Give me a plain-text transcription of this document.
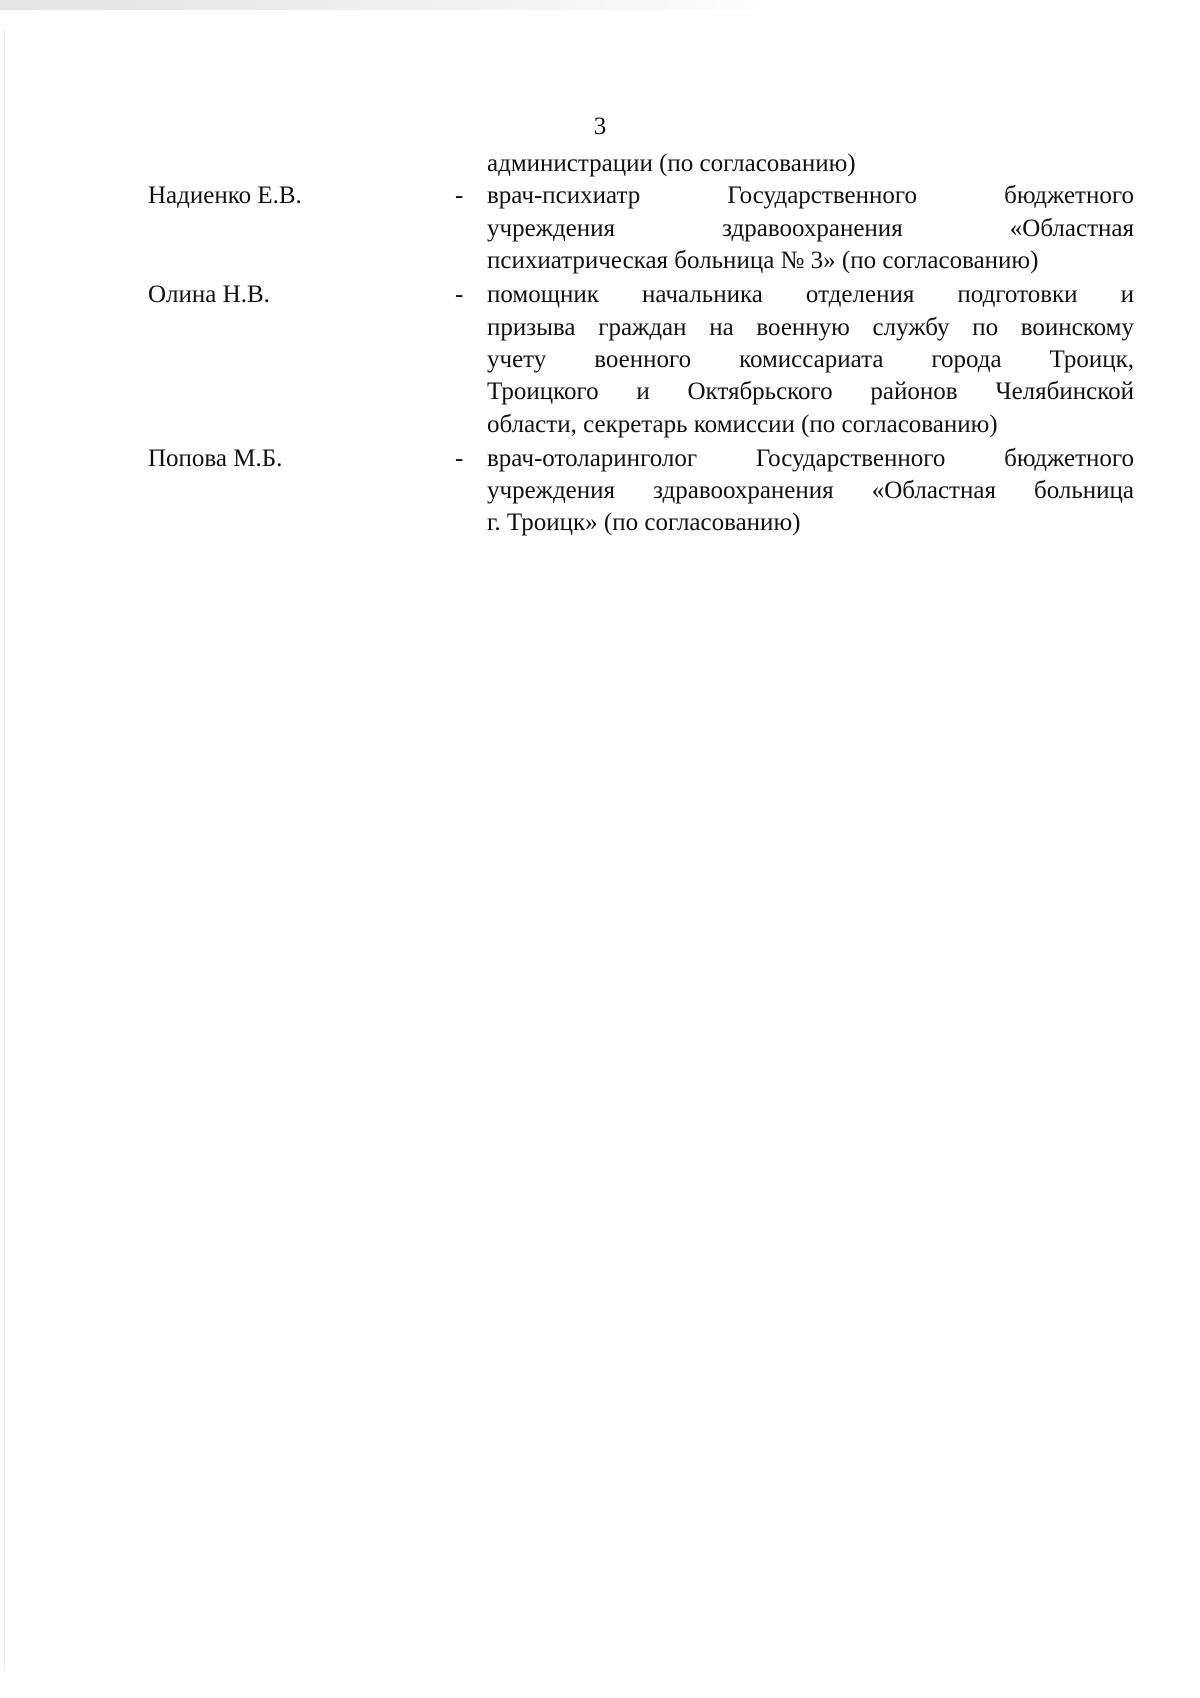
3
администрации (по согласованию)
Надиенко Е.В.	- врач-психиатр Государственного бюджетного
учреждения здравоохранения «Областная
психиатрическая больница № 3» (по согласованию)
Олина Н.В.	- помощник начальника отделения подготовки и
призыва граждан на военную службу по воинскому
учету военного комиссариата города Троицк,
Троицкого и Октябрьского районов Челябинской
области, секретарь комиссии (по согласованию)
Попова М.Б.	- врач-отоларинголог Государственного бюджетного
учреждения здравоохранения «Областная больница
г. Троицк» (по согласованию)
